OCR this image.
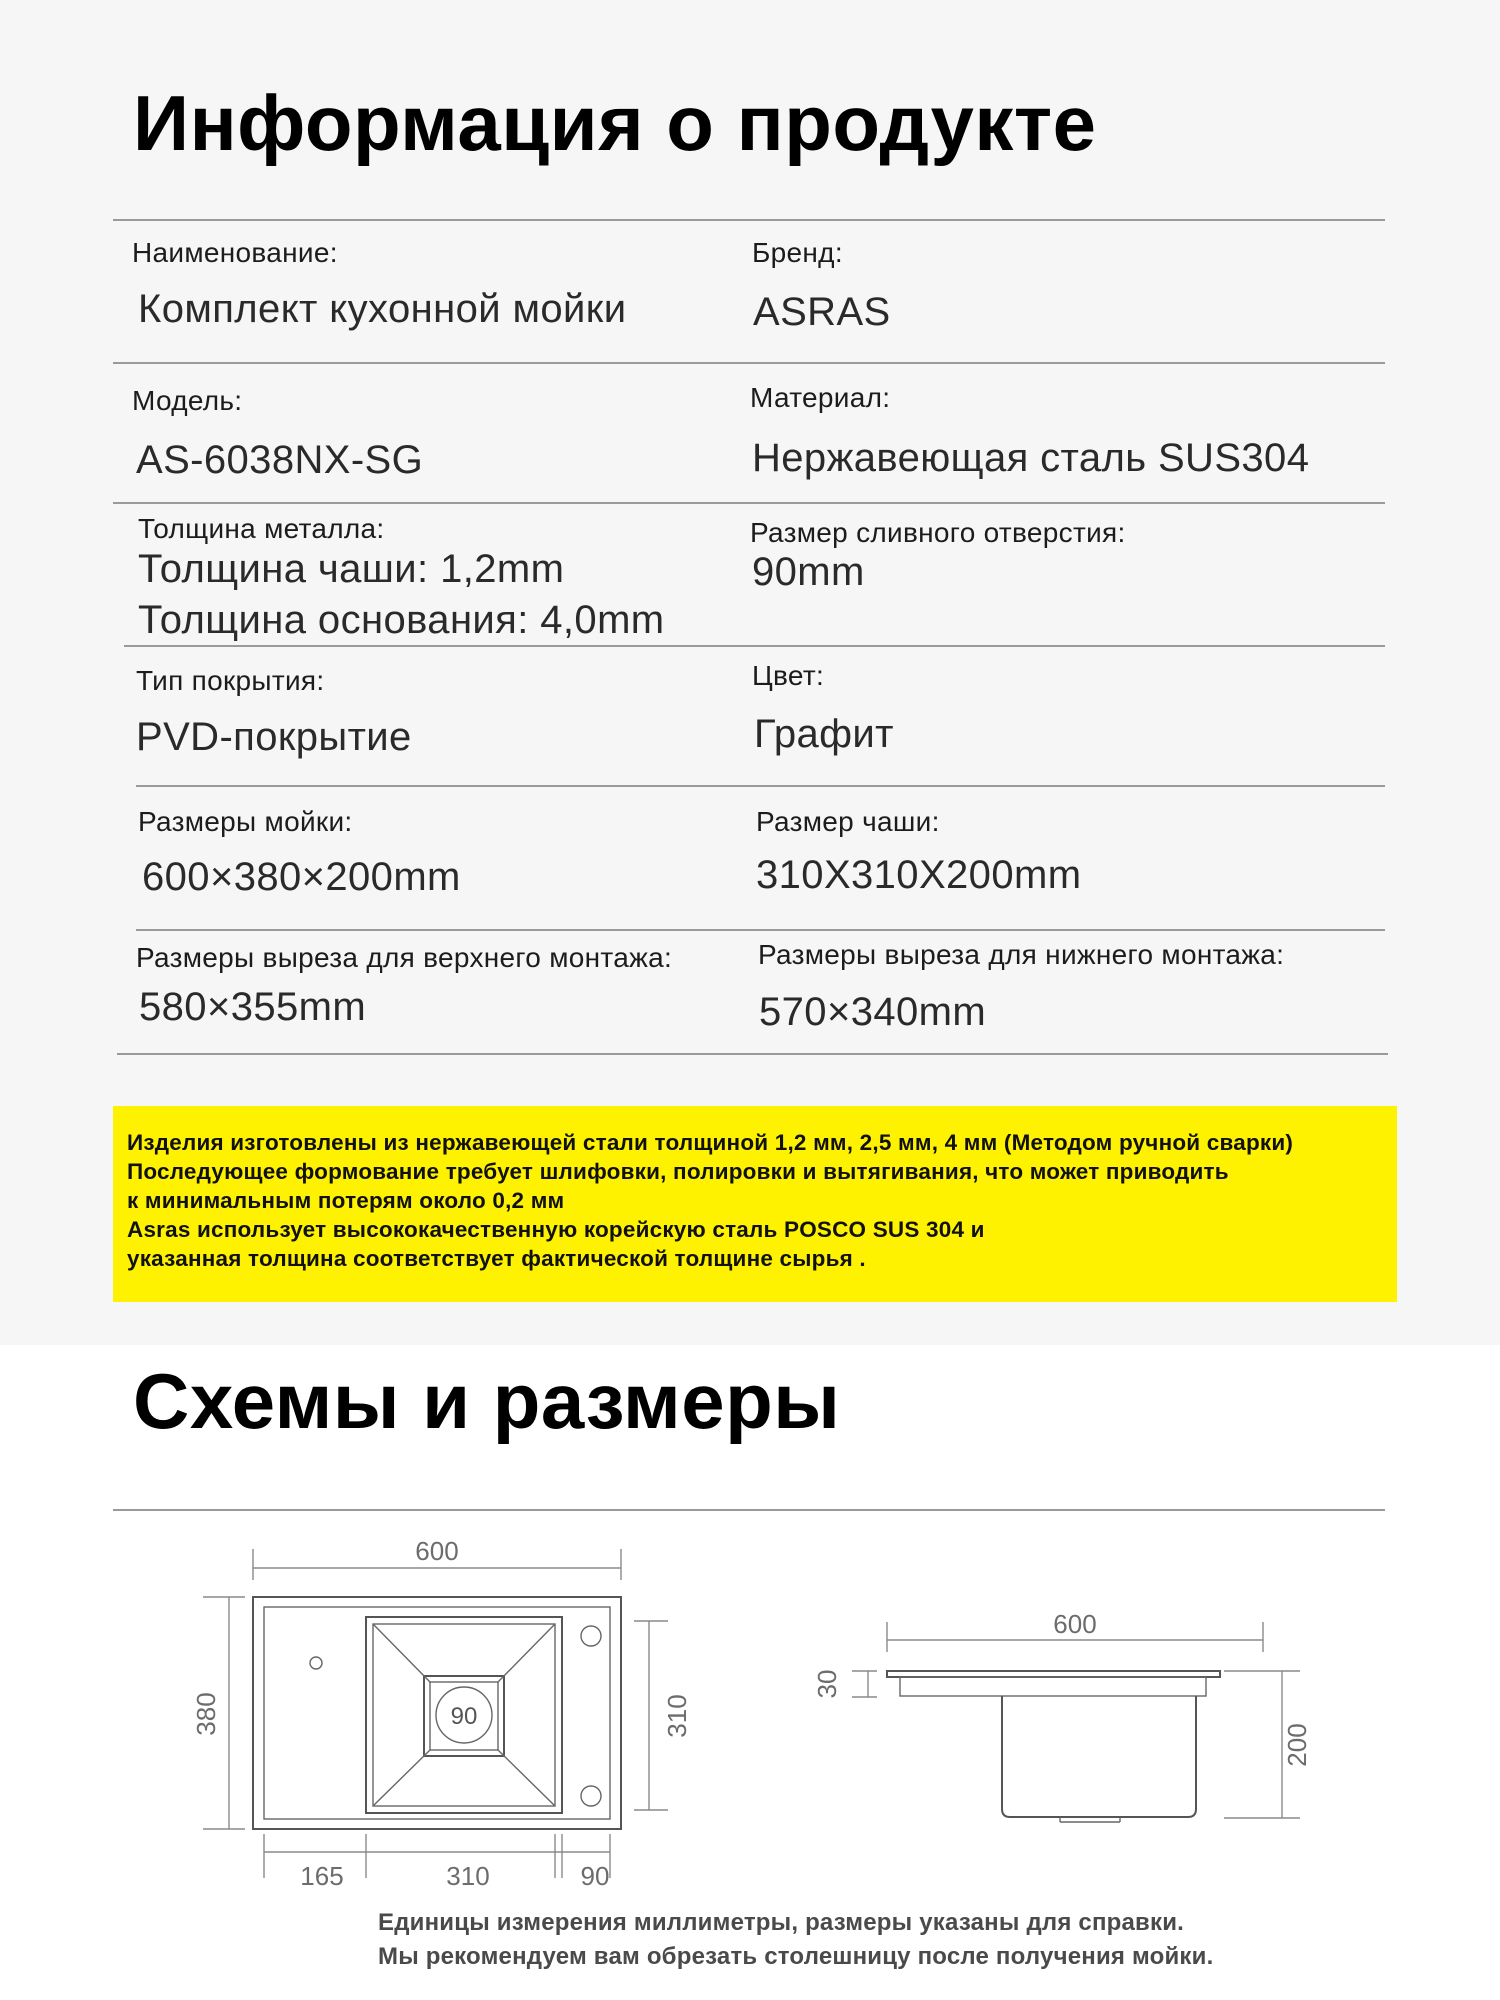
Информация о продукте
Наименование:
Комплект кухонной мойки
Бренд:
ASRAS
Модель:
AS-6038NX-SG
Материал:
Нержавеющая сталь SUS304
Толщина металла:
Толщина чаши: 1,2mm
Толщина основания: 4,0mm
Размер сливного отверстия:
90mm
Тип покрытия:
PVD-покрытие
Цвет:
Графит
Размеры мойки:
600×380×200mm
Размер чаши:
310X310X200mm
Размеры выреза для верхнего монтажа:
580×355mm
Размеры выреза для нижнего монтажа:
570×340mm
Изделия изготовлены из нержавеющей стали толщиной 1,2 мм, 2,5 мм, 4 мм (Методом ручной сварки)
Последующее формование требует шлифовки, полировки и вытягивания, что может приводить
к минимальным потерям около 0,2 мм
Asras использует высококачественную корейскую сталь POSCO SUS 304 и
указанная толщина соответствует фактической толщине сырья .
Схемы и размеры
600
380	90	310
165	310	90
600
30
200
Единицы измерения миллиметры, размеры указаны для справки.
Мы рекомендуем вам обрезать столешницу после получения мойки.
